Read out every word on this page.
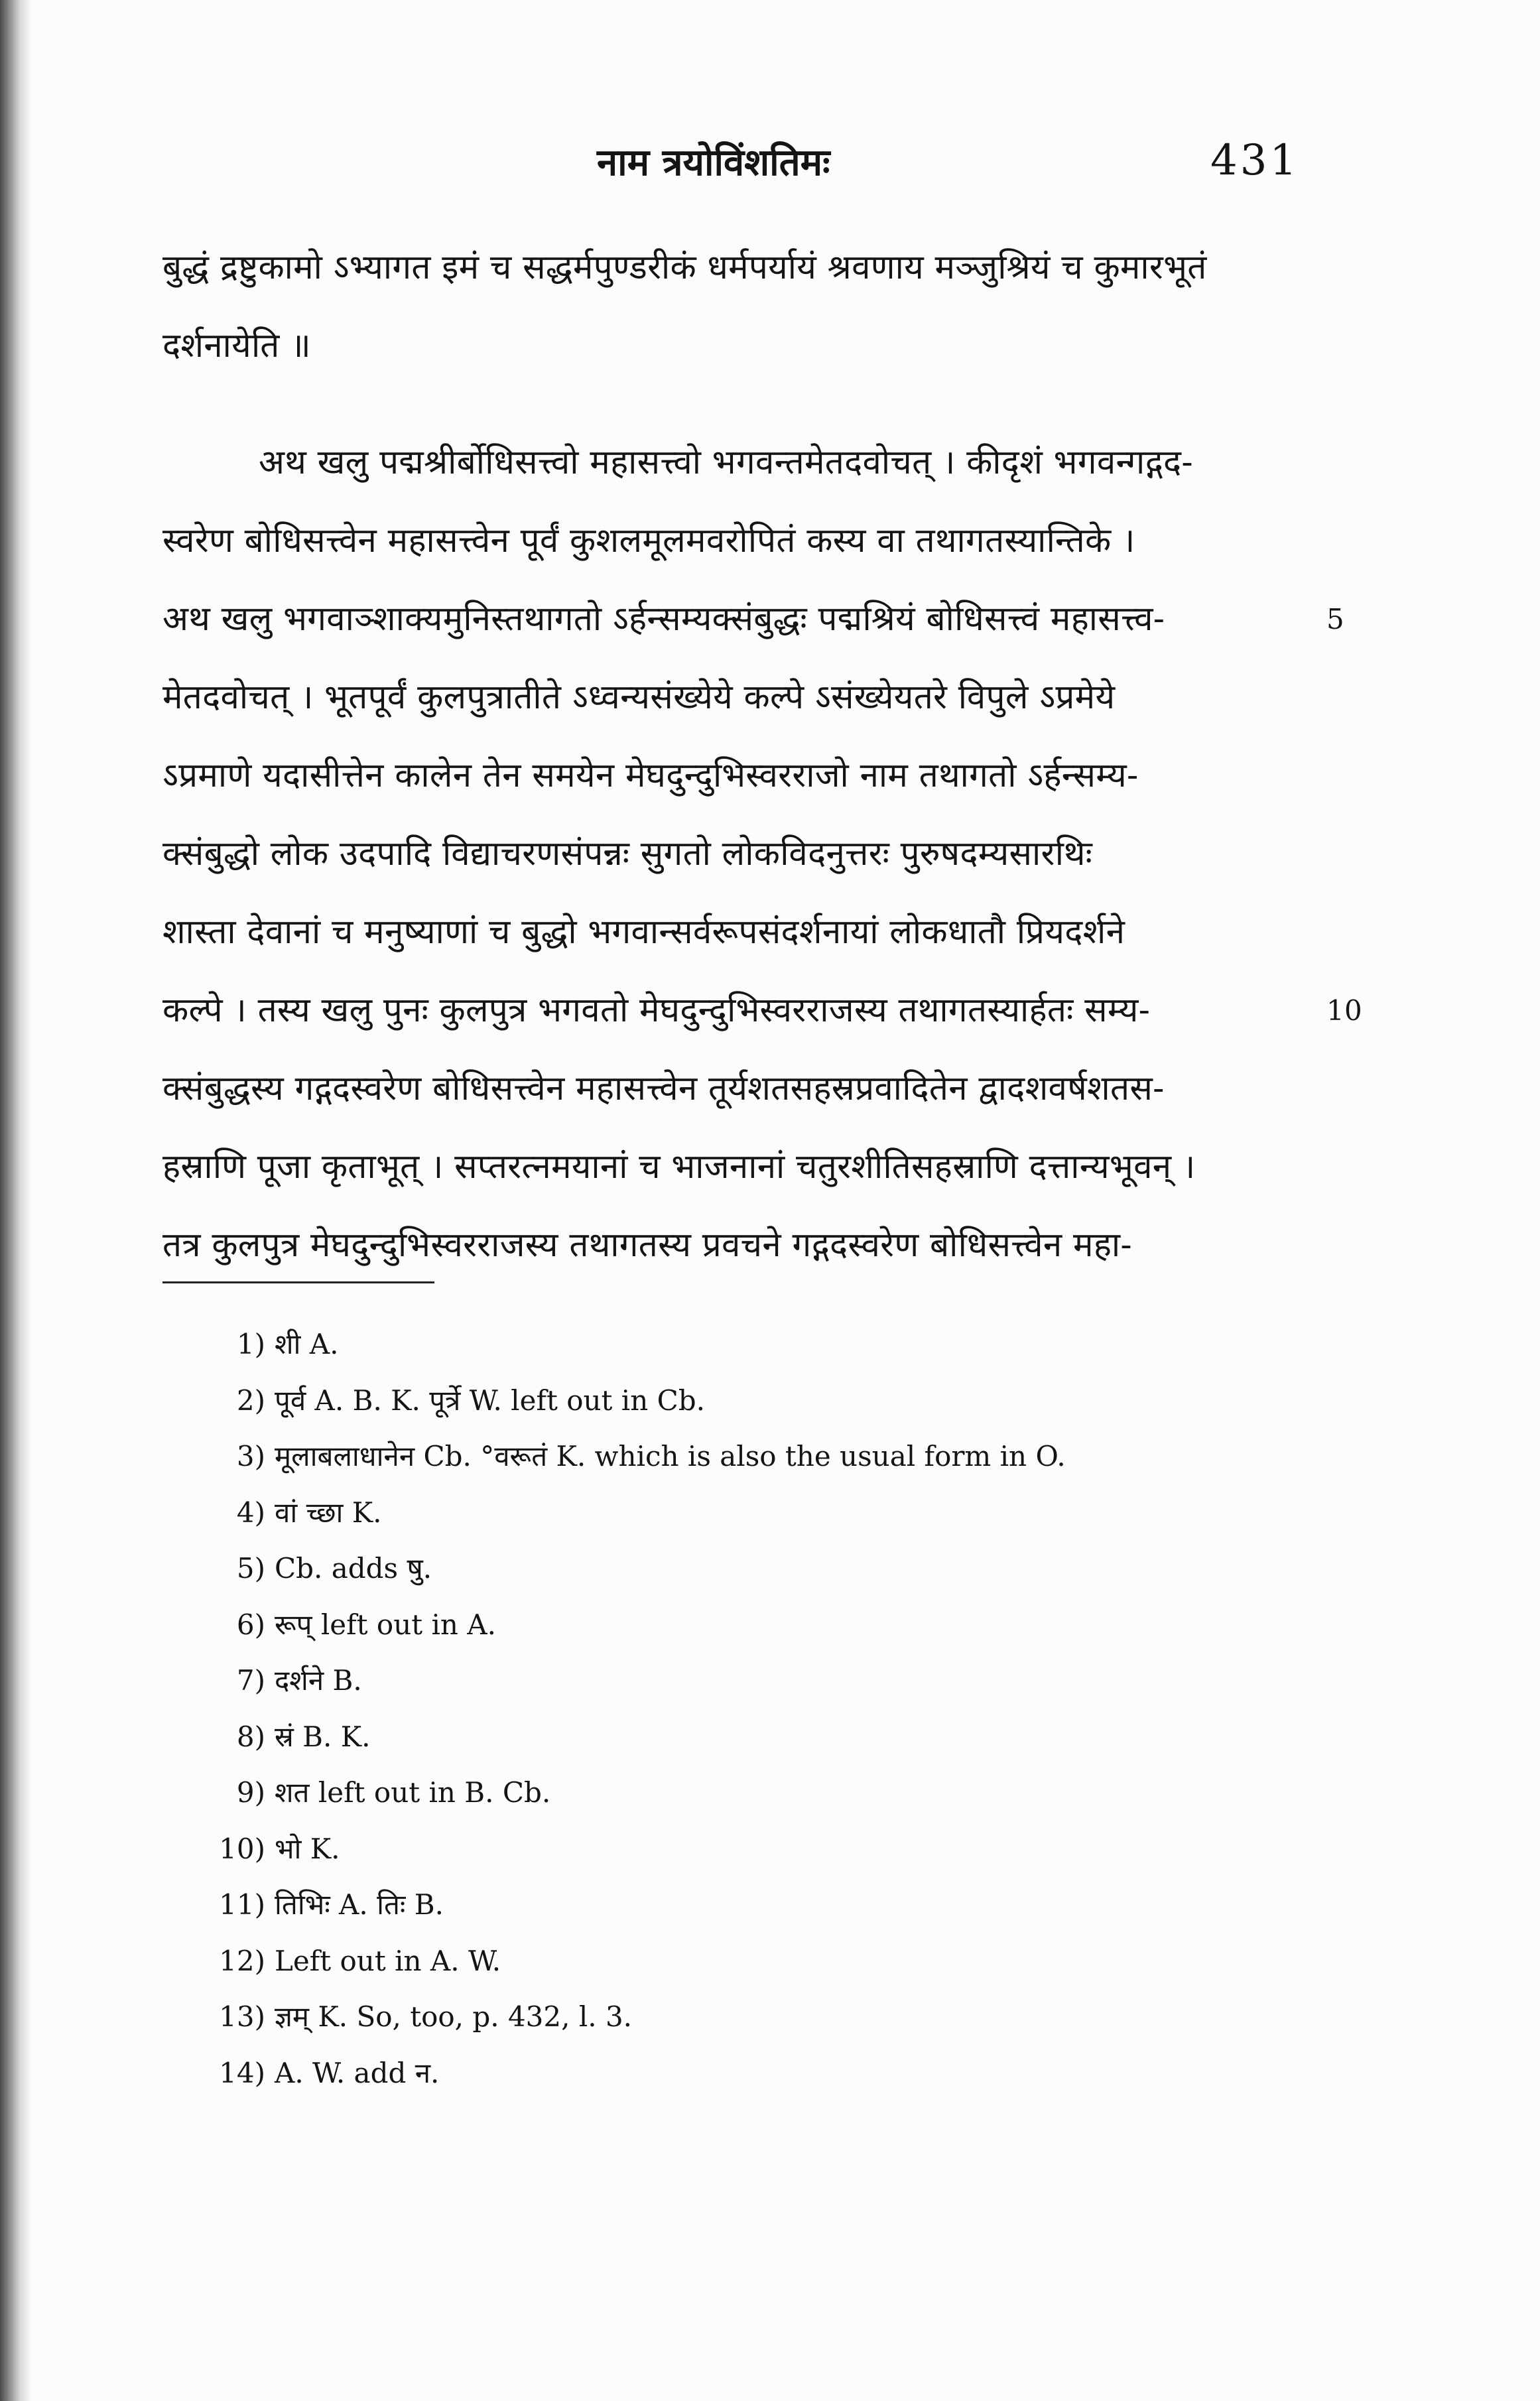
नाम त्रयोविंशतिमः	431
बुद्धं द्रष्टुकामो ऽभ्यागत इमं च सद्धर्मपुण्डरीकं धर्मपर्यायं श्रवणाय मञ्जुश्रियं च कुमारभूतं
दर्शनायेति ॥
अथ खलु पद्मश्रीर्बोधिसत्त्वो महासत्त्वो भगवन्तमेतदवोचत् । कीदृशं भगवन्गद्गद-
स्वरेण बोधिसत्त्वेन महासत्त्वेन पूर्वं कुशलमूलमवरोपितं कस्य वा तथागतस्यान्तिके ।
अथ खलु भगवाञ्शाक्यमुनिस्तथागतो ऽर्हन्सम्यक्संबुद्धः पद्मश्रियं बोधिसत्त्वं महासत्त्व-	5
मेतदवोचत् । भूतपूर्वं कुलपुत्रातीते ऽध्वन्यसंख्येये कल्पे ऽसंख्येयतरे विपुले ऽप्रमेये
ऽप्रमाणे यदासीत्तेन कालेन तेन समयेन मेघदुन्दुभिस्वरराजो नाम तथागतो ऽर्हन्सम्य-
क्संबुद्धो लोक उदपादि विद्याचरणसंपन्नः सुगतो लोकविदनुत्तरः पुरुषदम्यसारथिः
शास्ता देवानां च मनुष्याणां च बुद्धो भगवान्सर्वरूपसंदर्शनायां लोकधातौ प्रियदर्शने
कल्पे । तस्य खलु पुनः कुलपुत्र भगवतो मेघदुन्दुभिस्वरराजस्य तथागतस्यार्हतः सम्य-	10
क्संबुद्धस्य गद्गदस्वरेण बोधिसत्त्वेन महासत्त्वेन तूर्यशतसहस्रप्रवादितेन द्वादशवर्षशतस-
हस्राणि पूजा कृताभूत् । सप्तरत्नमयानां च भाजनानां चतुरशीतिसहस्राणि दत्तान्यभूवन् ।
तत्र कुलपुत्र मेघदुन्दुभिस्वरराजस्य तथागतस्य प्रवचने गद्गदस्वरेण बोधिसत्त्वेन महा-
1) शी A.
2) पूर्व A. B. K. पूर्त्रे W. left out in Cb.
3) मूलाबलाधानेन Cb. °वरूतं K. which is also the usual form in O.
4) वां च्छा K.
5) Cb. adds षु.
6) रूप् left out in A.
7) दर्शने B.
8) स्रं B. K.
9) शत left out in B. Cb.
10) भो K.
11) तिभिः A. तिः B.
12) Left out in A. W.
13) ज्ञम् K. So, too, p. 432, l. 3.
14) A. W. add न.
